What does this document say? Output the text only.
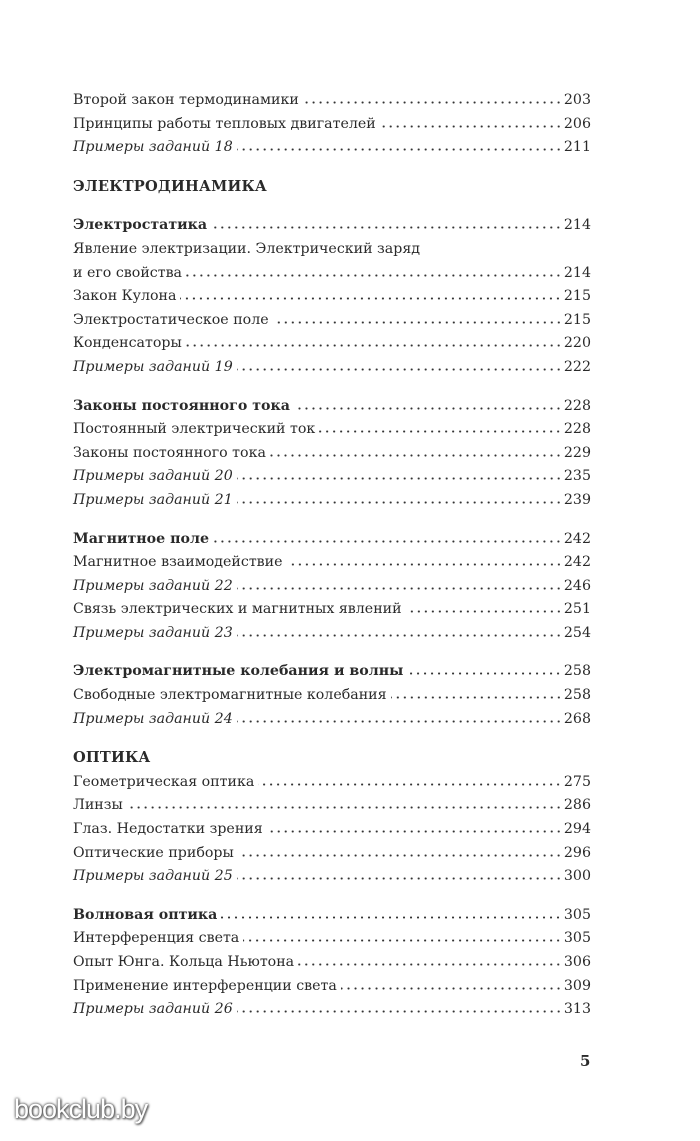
Второй закон термодинамики	203
Принципы работы тепловых двигателей	206
Примеры заданий 18	211
ЭЛЕКТРОДИНАМИКА
Электростатика	214
Явление электризации. Электрический заряд
и его свойства	214
Закон Кулона	215
Электростатическое поле	215
Конденсаторы	220
Примеры заданий 19	222
Законы постоянного тока	228
Постоянный электрический ток	228
Законы постоянного тока	229
Примеры заданий 20	235
Примеры заданий 21	239
Магнитное поле	242
Магнитное взаимодействие	242
Примеры заданий 22	246
Связь электрических и магнитных явлений	251
Примеры заданий 23	254
Электромагнитные колебания и волны	258
Свободные электромагнитные колебания	258
Примеры заданий 24	268
ОПТИКА
Геометрическая оптика	275
Линзы	286
Глаз. Недостатки зрения	294
Оптические приборы	296
Примеры заданий 25	300
Волновая оптика	305
Интерференция света	305
Опыт Юнга. Кольца Ньютона	306
Применение интерференции света	309
Примеры заданий 26	313
5
bookclub.by
